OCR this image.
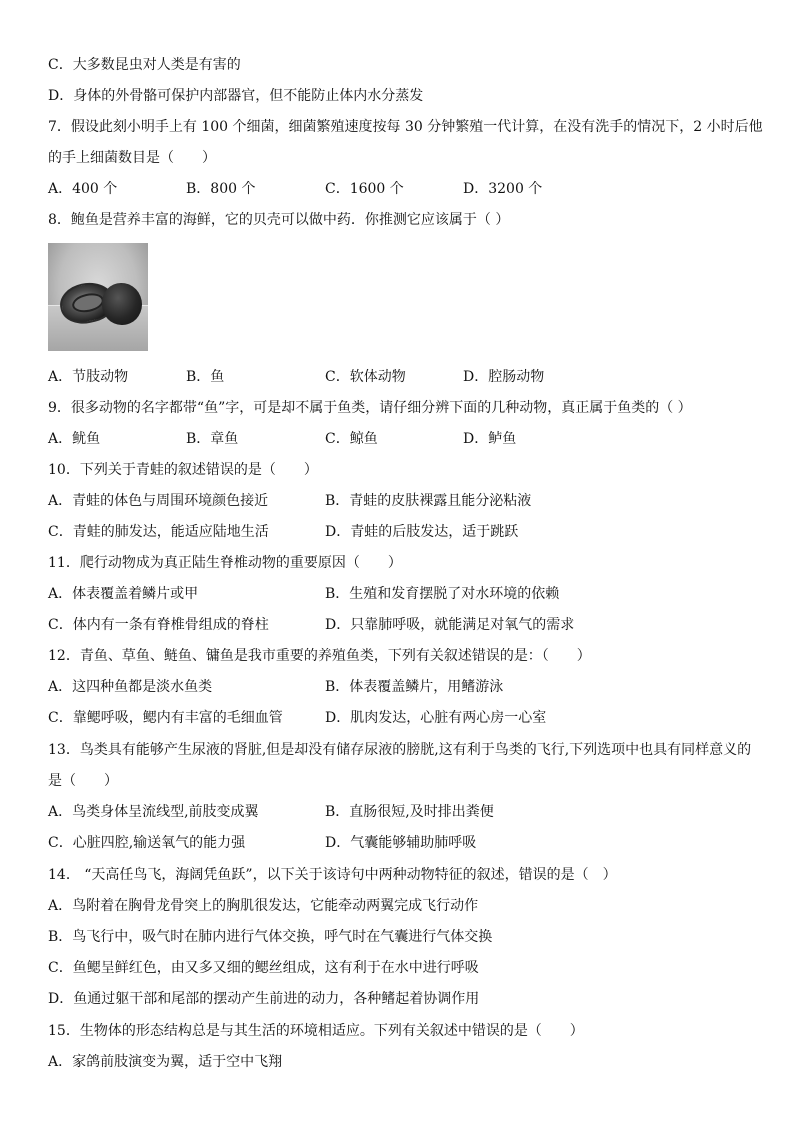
C．大多数昆虫对人类是有害的
D．身体的外骨骼可保护内部器官，但不能防止体内水分蒸发
7．假设此刻小明手上有 100 个细菌，细菌繁殖速度按每 30 分钟繁殖一代计算，在没有洗手的情况下，2 小时后他
的手上细菌数目是（　　）
A．400 个	B．800 个	C．1600 个	D．3200 个
8．鲍鱼是营养丰富的海鲜，它的贝壳可以做中药．你推测它应该属于（ ）
A．节肢动物	B．鱼	C．软体动物	D．腔肠动物
9．很多动物的名字都带“鱼”字，可是却不属于鱼类，请仔细分辨下面的几种动物，真正属于鱼类的（ ）
A．鱿鱼	B．章鱼	C．鲸鱼	D．鲈鱼
10．下列关于青蛙的叙述错误的是（　　）
A．青蛙的体色与周围环境颜色接近	B．青蛙的皮肤裸露且能分泌粘液
C．青蛙的肺发达，能适应陆地生活	D．青蛙的后肢发达，适于跳跃
11．爬行动物成为真正陆生脊椎动物的重要原因（　　）
A．体表覆盖着鳞片或甲	B．生殖和发育摆脱了对水环境的依赖
C．体内有一条有脊椎骨组成的脊柱	D．只靠肺呼吸，就能满足对氧气的需求
12．青鱼、草鱼、鲢鱼、镛鱼是我市重要的养殖鱼类，下列有关叙述错误的是：（　　）
A．这四种鱼都是淡水鱼类	B．体表覆盖鳞片，用鳍游泳
C．靠鳃呼吸，鳃内有丰富的毛细血管	D．肌肉发达，心脏有两心房一心室
13．鸟类具有能够产生尿液的肾脏,但是却没有储存尿液的膀胱,这有利于鸟类的飞行,下列选项中也具有同样意义的
是（　　）
A．鸟类身体呈流线型,前肢变成翼	B．直肠很短,及时排出粪便
C．心脏四腔,输送氧气的能力强	D．气囊能够辅助肺呼吸
14． “天高任鸟飞，海阔凭鱼跃”，以下关于该诗句中两种动物特征的叙述，错误的是（　）
A．鸟附着在胸骨龙骨突上的胸肌很发达，它能牵动两翼完成飞行动作
B．鸟飞行中，吸气时在肺内进行气体交换，呼气时在气囊进行气体交换
C．鱼鳃呈鲜红色，由又多又细的鳃丝组成，这有利于在水中进行呼吸
D．鱼通过躯干部和尾部的摆动产生前进的动力，各种鳍起着协调作用
15．生物体的形态结构总是与其生活的环境相适应。下列有关叙述中错误的是（　　）
A．家鸽前肢演变为翼，适于空中飞翔
